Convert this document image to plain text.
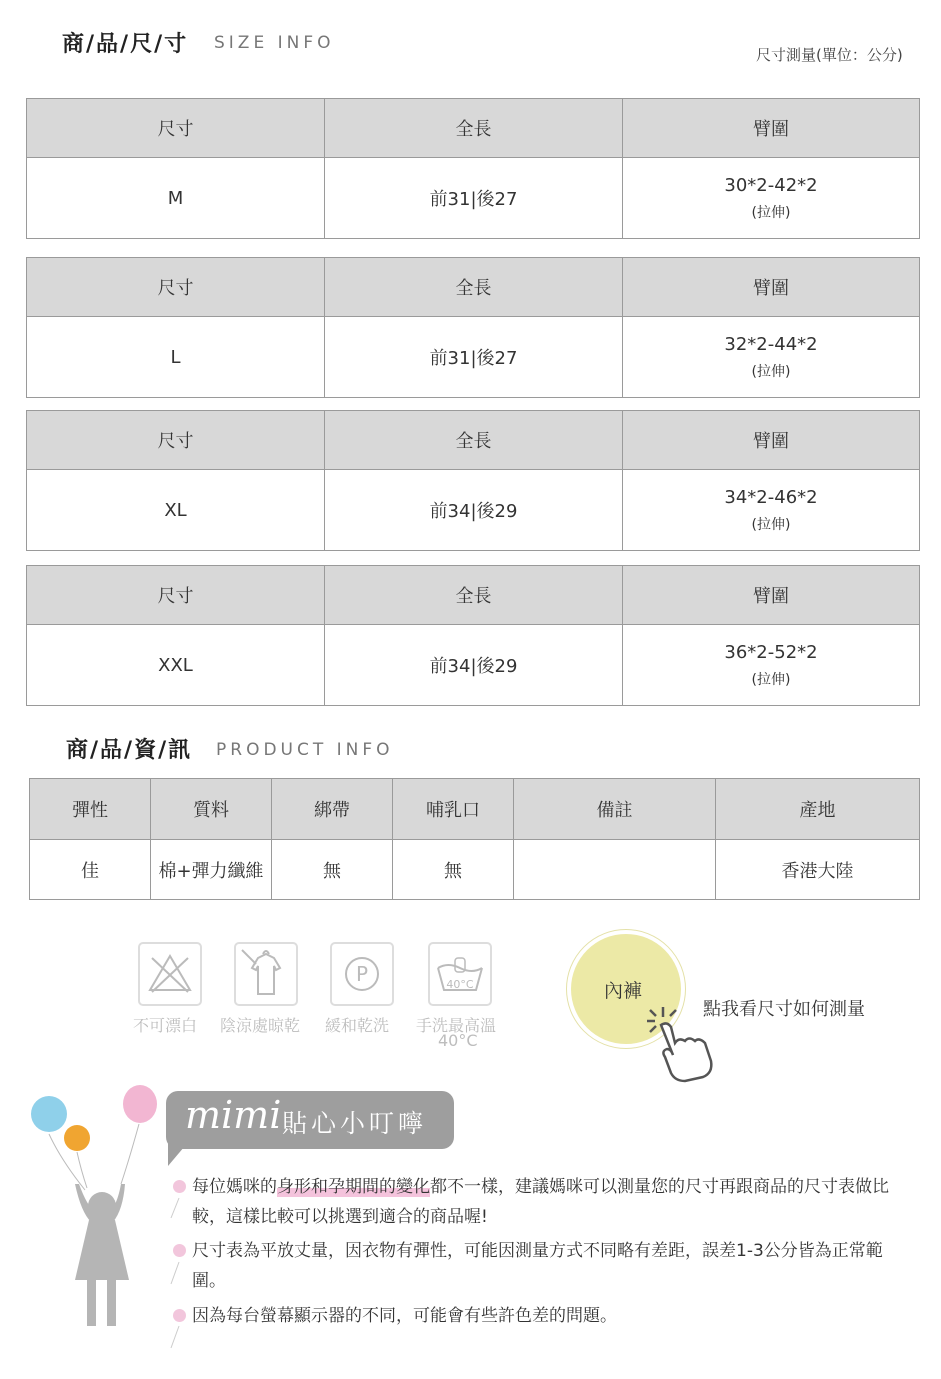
商/品/尺/寸 SIZE INFO
尺寸測量(單位：公分)
尺寸	全長	臂圍
M	前31|後27	30*2-42*2
(拉伸)
尺寸	全長	臂圍
L	前31|後27	32*2-44*2
(拉伸)
尺寸	全長	臂圍
XL	前34|後29	34*2-46*2
(拉伸)
尺寸	全長	臂圍
XXL	前34|後29	36*2-52*2
(拉伸)
商/品/資/訊 PRODUCT INFO
彈性	質料	綁帶	哺乳口	備註	產地
佳	棉+彈力纖維	無	無		香港大陸
P	40°C
不可漂白 陰涼處晾乾 緩和乾洗 手洗最高溫
40°C
內褲
點我看尺寸如何測量
mimi 貼心小叮嚀
每位媽咪的身形和孕期間的變化都不一樣，建議媽咪可以測量您的尺寸再跟商品的尺寸表做比較，這樣比較可以挑選到適合的商品喔!
尺寸表為平放丈量，因衣物有彈性，可能因測量方式不同略有差距，誤差1-3公分皆為正常範圍。
因為每台螢幕顯示器的不同，可能會有些許色差的問題。
